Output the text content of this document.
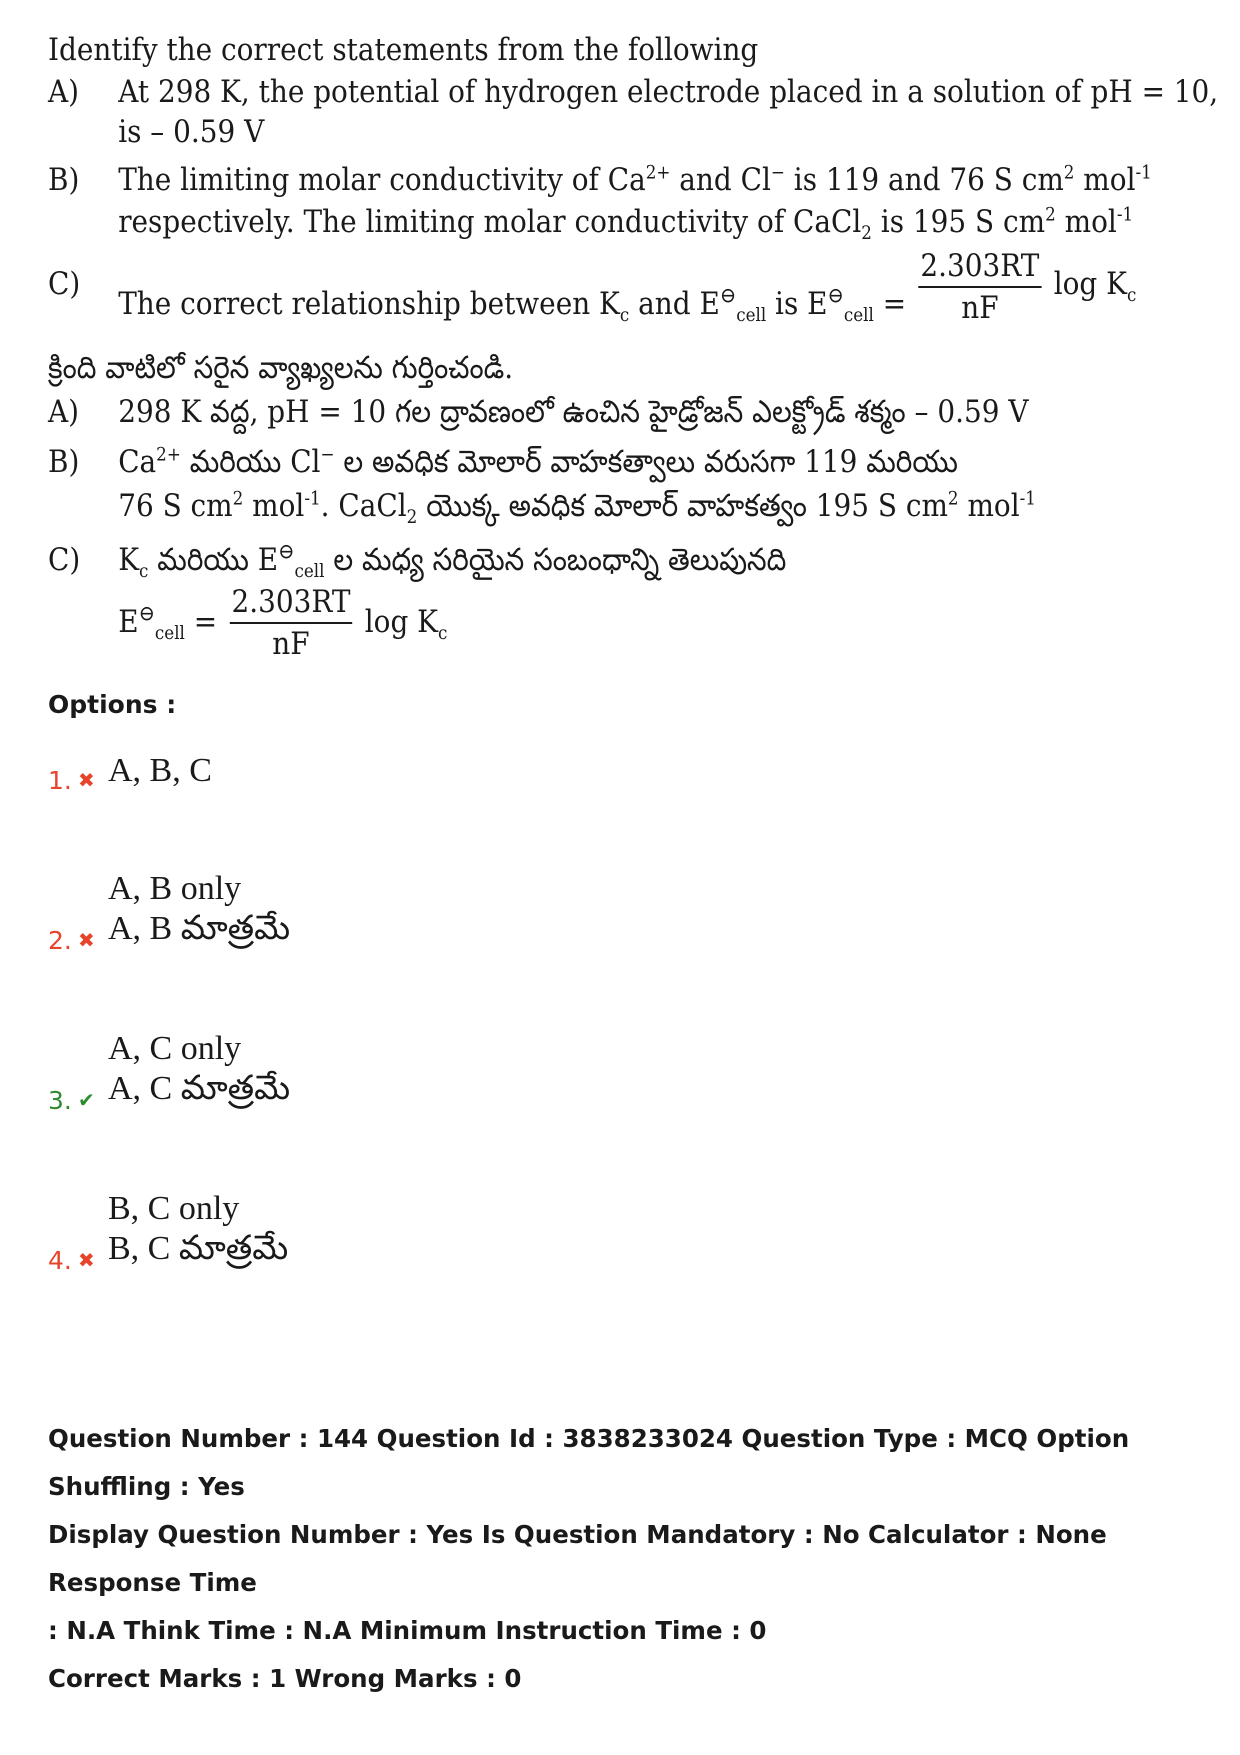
Identify the correct statements from the following
A) At 298 K, the potential of hydrogen electrode placed in a solution of pH = 10,
is – 0.59 V
B) The limiting molar conductivity of $Ca^{2+}$ and Cl− is 119 and 76 S $cm^2$ mol$^{-1}$
respectively. The limiting molar conductivity of CaCl$_2$ is 195 S $cm^2$ mol$^{-1}$
C)
The correct relationship between $K_c$ and $E^⊖_{cell}$ is $E^⊖_{cell} = \frac{2.303RT}{nF}$ $\log K_c$
క్రింది వాటిలో సరైన వ్యాఖ్యలను గుర్తించండి.
A) 298 K వద్ద, pH = 10 గల ద్రావణంలో ఉంచిన హైడ్రోజన్ ఎలక్ట్రోడ్ శక్మం – 0.59 V
B) $Ca^{2+}$ మరియు Cl− ల అవధిక మోలార్ వాహకత్వాలు వరుసగా 119 మరియు
76 S $cm^2$ mol$^{-1}$. CaCl$_2$ యొక్క అవధిక మోలార్ వాహకత్వం 195 S $cm^2$ mol$^{-1}$
C) $K_c$ మరియు $E^⊖_{cell}$ ల మధ్య సరియైన సంబంధాన్ని తెలుపునది
$E^⊖_{cell} = \frac{2.303RT}{nF}$ $\log K_c$
Options :
1. ✖ A, B, C
A, B only
2. ✖ A, B మాత్రమే
A, C only
3. ✔ A, C మాత్రమే
B, C only
4. ✖ B, C మాత్రమే

Question Number : 144 Question Id : 3838233024 Question Type : MCQ Option Shuffling : Yes

Display Question Number : Yes Is Question Mandatory : No Calculator : None Response Time

: N.A Think Time : N.A Minimum Instruction Time : 0

Correct Marks : 1 Wrong Marks : 0
